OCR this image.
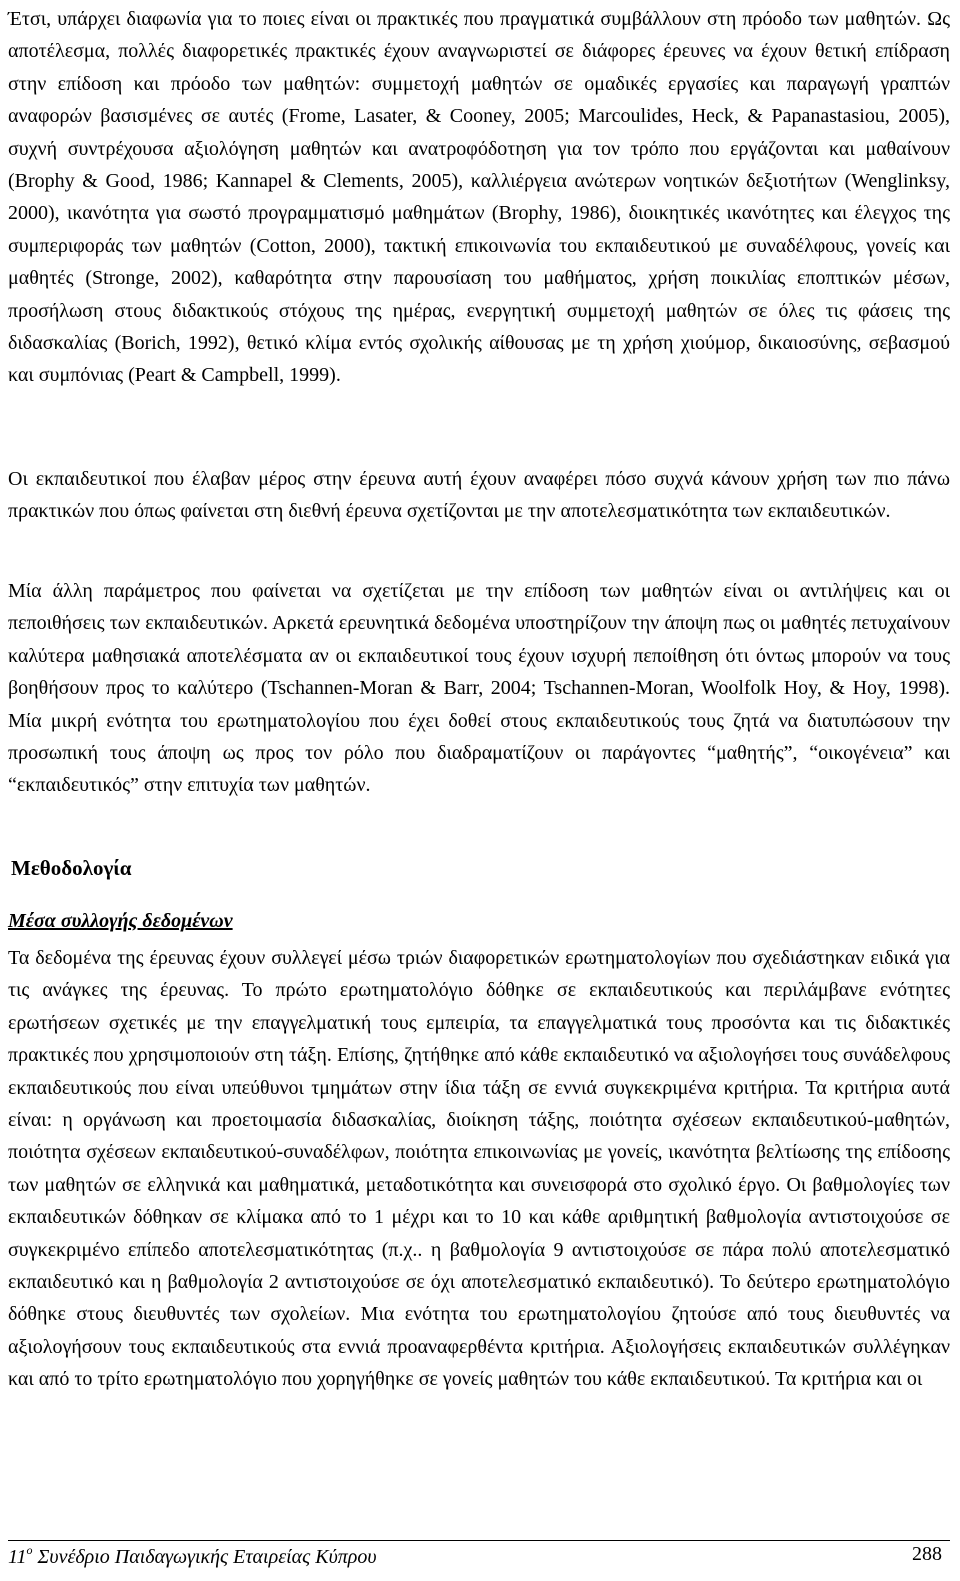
Έτσι, υπάρχει διαφωνία για το ποιες είναι οι πρακτικές που πραγματικά συμβάλλουν στη πρόοδο των μαθητών. Ως αποτέλεσμα, πολλές διαφορετικές πρακτικές έχουν αναγνωριστεί σε διάφορες έρευνες να έχουν θετική επίδραση στην επίδοση και πρόοδο των μαθητών: συμμετοχή μαθητών σε ομαδικές εργασίες και παραγωγή γραπτών αναφορών βασισμένες σε αυτές (Frome, Lasater, & Cooney, 2005; Marcoulides, Heck, & Papanastasiou, 2005), συχνή συντρέχουσα αξιολόγηση μαθητών και ανατροφόδοτηση για τον τρόπο που εργάζονται και μαθαίνουν (Brophy & Good, 1986; Kannapel & Clements, 2005), καλλιέργεια ανώτερων νοητικών δεξιοτήτων (Wenglinksy, 2000), ικανότητα για σωστό προγραμματισμό μαθημάτων (Brophy, 1986), διοικητικές ικανότητες και έλεγχος της συμπεριφοράς των μαθητών (Cotton, 2000), τακτική επικοινωνία του εκπαιδευτικού με συναδέλφους, γονείς και μαθητές (Stronge, 2002), καθαρότητα στην παρουσίαση του μαθήματος, χρήση ποικιλίας εποπτικών μέσων, προσήλωση στους διδακτικούς στόχους της ημέρας, ενεργητική συμμετοχή μαθητών σε όλες τις φάσεις της διδασκαλίας (Borich, 1992), θετικό κλίμα εντός σχολικής αίθουσας με τη χρήση χιούμορ, δικαιοσύνης, σεβασμού και συμπόνιας (Peart & Campbell, 1999).

Οι εκπαιδευτικοί που έλαβαν μέρος στην έρευνα αυτή έχουν αναφέρει πόσο συχνά κάνουν χρήση των πιο πάνω πρακτικών που όπως φαίνεται στη διεθνή έρευνα σχετίζονται με την αποτελεσματικότητα των εκπαιδευτικών.

Μία άλλη παράμετρος που φαίνεται να σχετίζεται με την επίδοση των μαθητών είναι οι αντιλήψεις και οι πεποιθήσεις των εκπαιδευτικών. Αρκετά ερευνητικά δεδομένα υποστηρίζουν την άποψη πως οι μαθητές πετυχαίνουν καλύτερα μαθησιακά αποτελέσματα αν οι εκπαιδευτικοί τους έχουν ισχυρή πεποίθηση ότι όντως μπορούν να τους βοηθήσουν προς το καλύτερο (Tschannen-Moran & Barr, 2004; Tschannen-Moran, Woolfolk Hoy, & Hoy, 1998). Μία μικρή ενότητα του ερωτηματολογίου που έχει δοθεί στους εκπαιδευτικούς τους ζητά να διατυπώσουν την προσωπική τους άποψη ως προς τον ρόλο που διαδραματίζουν οι παράγοντες “μαθητής”, “οικογένεια” και “εκπαιδευτικός” στην επιτυχία των μαθητών.

Μεθοδολογία
Μέσα συλλογής δεδομένων

Τα δεδομένα της έρευνας έχουν συλλεγεί μέσω τριών διαφορετικών ερωτηματολογίων που σχεδιάστηκαν ειδικά για τις ανάγκες της έρευνας. Το πρώτο ερωτηματολόγιο δόθηκε σε εκπαιδευτικούς και περιλάμβανε ενότητες ερωτήσεων σχετικές με την επαγγελματική τους εμπειρία, τα επαγγελματικά τους προσόντα και τις διδακτικές πρακτικές που χρησιμοποιούν στη τάξη. Επίσης, ζητήθηκε από κάθε εκπαιδευτικό να αξιολογήσει τους συνάδελφους εκπαιδευτικούς που είναι υπεύθυνοι τμημάτων στην ίδια τάξη σε εννιά συγκεκριμένα κριτήρια. Τα κριτήρια αυτά είναι: η οργάνωση και προετοιμασία διδασκαλίας, διοίκηση τάξης, ποιότητα σχέσεων εκπαιδευτικού-μαθητών, ποιότητα σχέσεων εκπαιδευτικού-συναδέλφων, ποιότητα επικοινωνίας με γονείς, ικανότητα βελτίωσης της επίδοσης των μαθητών σε ελληνικά και μαθηματικά, μεταδοτικότητα και συνεισφορά στο σχολικό έργο. Οι βαθμολογίες των εκπαιδευτικών δόθηκαν σε κλίμακα από το 1 μέχρι και το 10 και κάθε αριθμητική βαθμολογία αντιστοιχούσε σε συγκεκριμένο επίπεδο αποτελεσματικότητας (π.χ.. η βαθμολογία 9 αντιστοιχούσε σε πάρα πολύ αποτελεσματικό εκπαιδευτικό και η βαθμολογία 2 αντιστοιχούσε σε όχι αποτελεσματικό εκπαιδευτικό). Το δεύτερο ερωτηματολόγιο δόθηκε στους διευθυντές των σχολείων. Μια ενότητα του ερωτηματολογίου ζητούσε από τους διευθυντές να αξιολογήσουν τους εκπαιδευτικούς στα εννιά προαναφερθέντα κριτήρια. Αξιολογήσεις εκπαιδευτικών συλλέγηκαν και από το τρίτο ερωτηματολόγιο που χορηγήθηκε σε γονείς μαθητών του κάθε εκπαιδευτικού. Τα κριτήρια και οι

$11^o$ Συνέδριο Παιδαγωγικής Εταιρείας Κύπρου	288
